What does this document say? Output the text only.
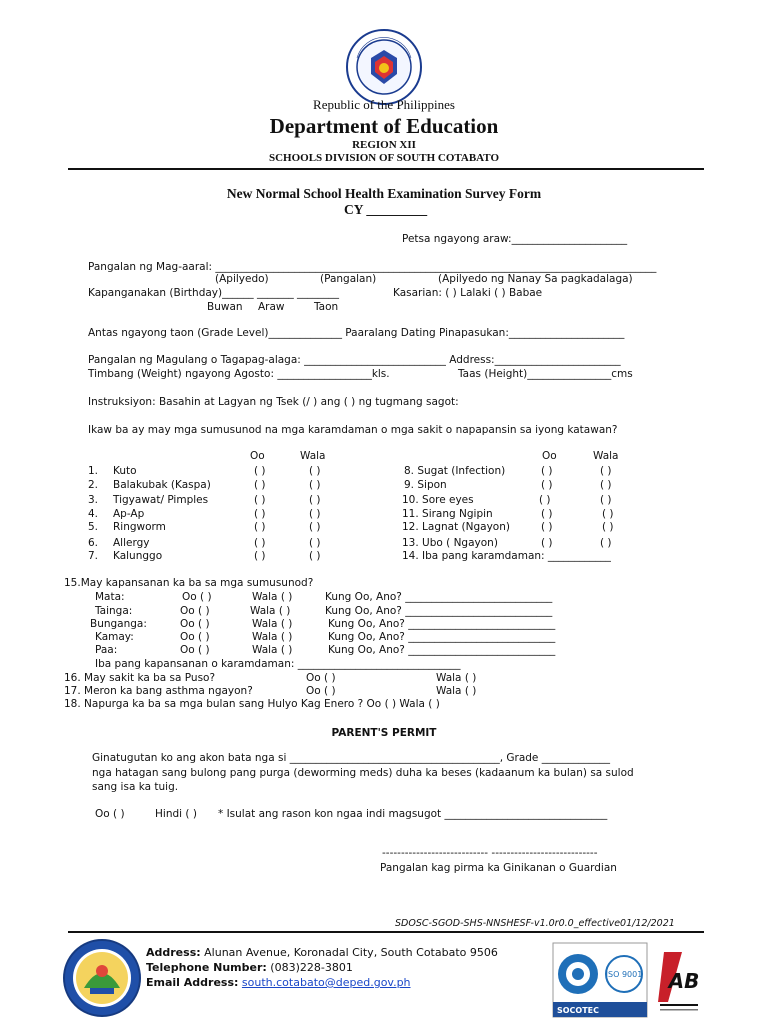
Republic of the Philippines
Department of Education
REGION XII
SCHOOLS DIVISION OF SOUTH COTABATO
New Normal School Health Examination Survey Form
CY _________
Petsa ngayong araw:______________________
Pangalan ng Mag-aaral: ____________________________________________________________________________________
(Apilyedo)	(Pangalan)	(Apilyedo ng Nanay Sa pagkadalaga)
Kapanganakan (Birthday)______ _______ ________	Kasarian: ( ) Lalaki ( ) Babae
Buwan Araw	Taon
Antas ngayong taon (Grade Level)______________ Paaralang Dating Pinapasukan:______________________
Pangalan ng Magulang o Tagapag-alaga: ___________________________ Address:________________________
Timbang (Weight) ngayong Agosto: __________________kls.	Taas (Height)________________cms
Instruksiyon: Basahin at Lagyan ng Tsek (/ ) ang ( ) ng tugmang sagot:
Ikaw ba ay may mga sumusunod na mga karamdaman o mga sakit o napapansin sa iyong katawan?
Oo	Wala	Oo	Wala
1. Kuto	( )	( )
2. Balakubak (Kaspa)	( )	( )
3. Tigyawat/ Pimples	( )	( )
4. Ap-Ap	( )	( )
5. Ringworm	( )	( )
6. Allergy	( )	( )
7. Kalunggo	( )	( )
8. Sugat (Infection)	( )	( )
9. Sipon	( )	( )
10. Sore eyes	( )	( )
11. Sirang Ngipin	( )	( )
12. Lagnat (Ngayon)	( )	( )
13. Ubo ( Ngayon)	( )	( )
14. Iba pang karamdaman: ____________
15.May kapansanan ka ba sa mga sumusunod?
Mata:	Oo ( )	Wala ( )	Kung Oo, Ano? ____________________________
Tainga:	Oo ( )	Wala ( )	Kung Oo, Ano? ____________________________
Bunganga:	Oo ( )	Wala ( )	Kung Oo, Ano? ____________________________
Kamay:	Oo ( )	Wala ( )	Kung Oo, Ano? ____________________________
Paa:	Oo ( )	Wala ( )	Kung Oo, Ano? ____________________________
Iba pang kapansanan o karamdaman: _______________________________
16. May sakit ka ba sa Puso?	Oo ( )	Wala ( )
17. Meron ka bang asthma ngayon?	Oo ( )	Wala ( )
18. Napurga ka ba sa mga bulan sang Hulyo Kag Enero ? Oo ( ) Wala ( )
PARENT'S PERMIT
Ginatugutan ko ang akon bata nga si ________________________________________, Grade _____________
nga hatagan sang bulong pang purga (deworming meds) duha ka beses (kadaanum ka bulan) sa sulod
sang isa ka tuig.
Oo ( )	Hindi ( ) * Isulat ang rason kon ngaa indi magsugot _______________________________
---------------------------- ----------------------------
Pangalan kag pirma ka Ginikanan o Guardian
SDOSC-SGOD-SHS-NNSHESF-v1.0r0.0_effective01/12/2021
Address: Alunan Avenue, Koronadal City, South Cotabato 9506
Telephone Number: (083)228-3801
Email Address: south.cotabato@deped.gov.ph
ISO 9001
SOCOTEC
AB
